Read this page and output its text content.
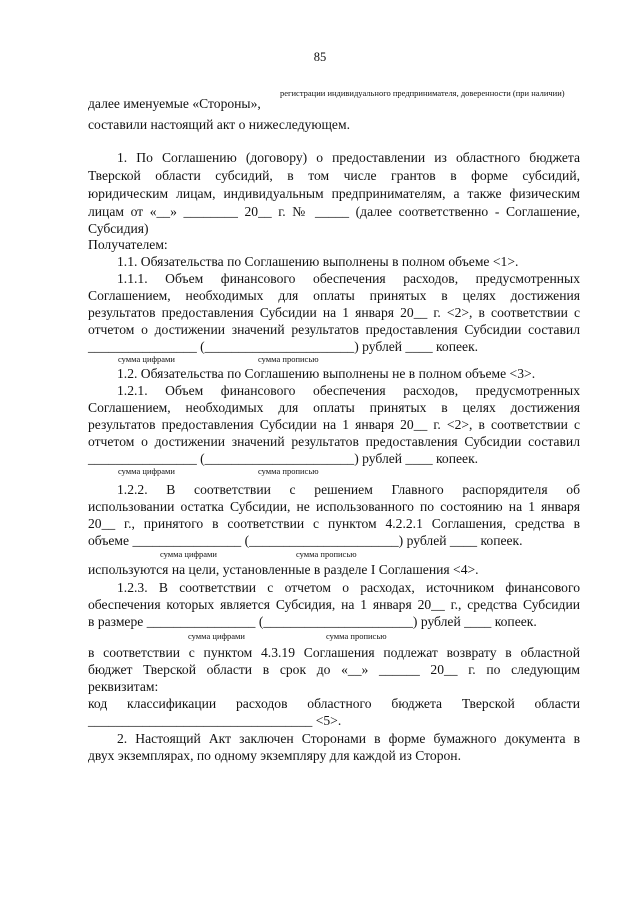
85
регистрации индивидуального предпринимателя, доверенности (при наличии)
далее именуемые «Стороны»,
составили настоящий акт о нижеследующем.
1. По Соглашению (договору) о предоставлении из областного бюджета
Тверской области субсидий, в том числе грантов в форме субсидий,
юридическим лицам, индивидуальным предпринимателям, а также физическим
лицам от «__» ________ 20__ г. № _____ (далее соответственно - Соглашение,
Субсидия)
Получателем:
1.1. Обязательства по Соглашению выполнены в полном объеме <1>.
1.1.1. Объем финансового обеспечения расходов, предусмотренных
Соглашением, необходимых для оплаты принятых в целях достижения
результатов предоставления Субсидии на 1 января 20__ г. <2>, в соответствии с
отчетом о достижении значений результатов предоставления Субсидии составил
________________ (______________________) рублей ____ копеек.
сумма цифрами	сумма прописью
1.2. Обязательства по Соглашению выполнены не в полном объеме <3>.
1.2.1. Объем финансового обеспечения расходов, предусмотренных
Соглашением, необходимых для оплаты принятых в целях достижения
результатов предоставления Субсидии на 1 января 20__ г. <2>, в соответствии с
отчетом о достижении значений результатов предоставления Субсидии составил
________________ (______________________) рублей ____ копеек.
сумма цифрами	сумма прописью
1.2.2. В соответствии с решением Главного распорядителя об
использовании остатка Субсидии, не использованного по состоянию на 1 января
20__ г., принятого в соответствии с пунктом 4.2.2.1 Соглашения, средства в
объеме ________________ (______________________) рублей ____ копеек.
сумма цифрами	сумма прописью
используются на цели, установленные в разделе I Соглашения <4>.
1.2.3. В соответствии с отчетом о расходах, источником финансового
обеспечения которых является Субсидия, на 1 января 20__ г., средства Субсидии
в размере ________________ (______________________) рублей ____ копеек.
сумма цифрами	сумма прописью
в соответствии с пунктом 4.3.19 Соглашения подлежат возврату в областной
бюджет Тверской области в срок до «__» ______ 20__ г. по следующим
реквизитам:
код классификации расходов областного бюджета Тверской области
_________________________________ <5>.
2. Настоящий Акт заключен Сторонами в форме бумажного документа в
двух экземплярах, по одному экземпляру для каждой из Сторон.
